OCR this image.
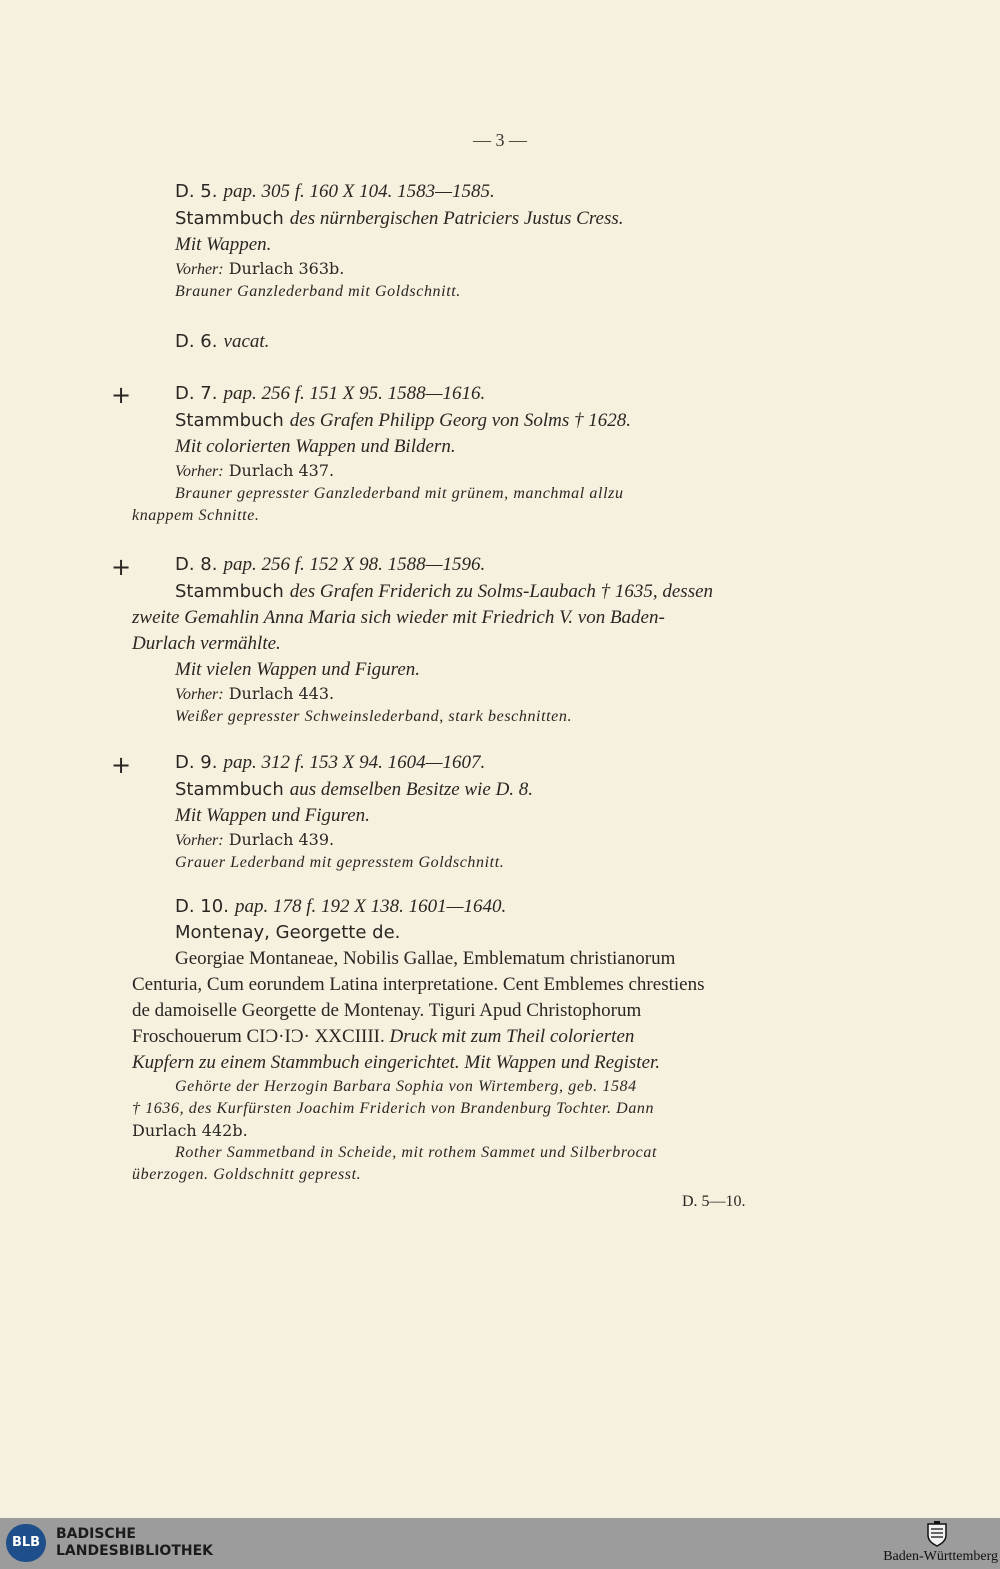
— 3 —
D. 5. pap. 305 f. 160 X 104. 1583—1585.
Stammbuch des nürnbergischen Patriciers Justus Cress.
Mit Wappen.
Vorher: Durlach 363b.
Brauner Ganzlederband mit Goldschnitt.
D. 6. vacat.
+	D. 7. pap. 256 f. 151 X 95. 1588—1616.
Stammbuch des Grafen Philipp Georg von Solms † 1628.
Mit colorierten Wappen und Bildern.
Vorher: Durlach 437.
Brauner gepresster Ganzlederband mit grünem, manchmal allzu
knappem Schnitte.
+	D. 8. pap. 256 f. 152 X 98. 1588—1596.
Stammbuch des Grafen Friderich zu Solms-Laubach † 1635, dessen
zweite Gemahlin Anna Maria sich wieder mit Friedrich V. von Baden-
Durlach vermählte.
Mit vielen Wappen und Figuren.
Vorher: Durlach 443.
Weißer gepresster Schweinslederband, stark beschnitten.
+	D. 9. pap. 312 f. 153 X 94. 1604—1607.
Stammbuch aus demselben Besitze wie D. 8.
Mit Wappen und Figuren.
Vorher: Durlach 439.
Grauer Lederband mit gepresstem Goldschnitt.
D. 10. pap. 178 f. 192 X 138. 1601—1640.
Montenay, Georgette de.
Georgiae Montaneae, Nobilis Gallae, Emblematum christianorum
Centuria, Cum eorundem Latina interpretatione. Cent Emblemes chrestiens
de damoiselle Georgette de Montenay. Tiguri Apud Christophorum
Froschouerum CIƆ·IƆ· XXCIIII. Druck mit zum Theil colorierten
Kupfern zu einem Stammbuch eingerichtet. Mit Wappen und Register.
Gehörte der Herzogin Barbara Sophia von Wirtemberg, geb. 1584
† 1636, des Kurfürsten Joachim Friderich von Brandenburg Tochter. Dann
Durlach 442b.
Rother Sammetband in Scheide, mit rothem Sammet und Silberbrocat
überzogen. Goldschnitt gepresst.
D. 5—10.
BLB
BADISCHE
LANDESBIBLIOTHEK	Baden-Württemberg
